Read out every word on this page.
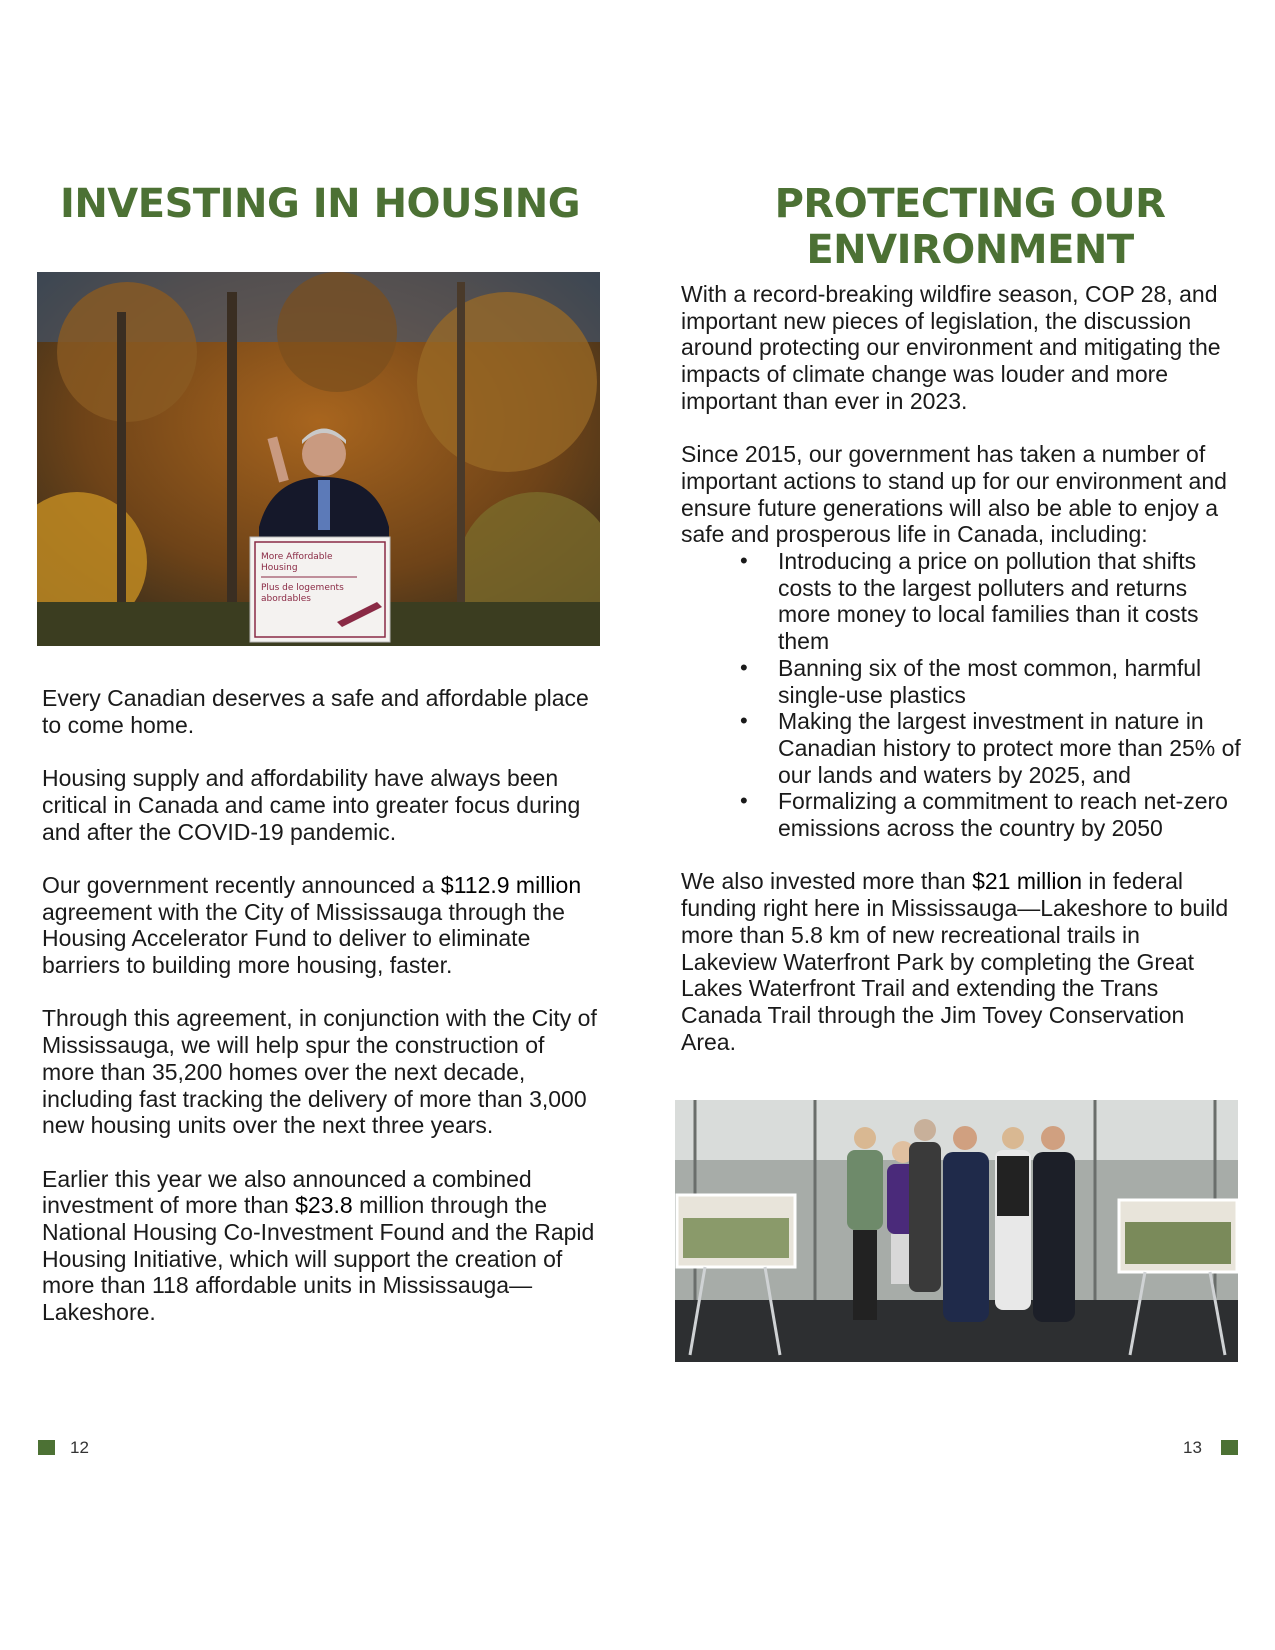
INVESTING IN HOUSING
More Affordable
Housing
Plus de logements
abordables

Every Canadian deserves a safe and affordable place to come home.

Housing supply and affordability have always been critical in Canada and came into greater focus during and after the COVID-19 pandemic.

Our government recently announced a $112.9 million agreement with the City of Mississauga through the Housing Accelerator Fund to deliver to eliminate barriers to building more housing, faster.

Through this agreement, in conjunction with the City of Mississauga, we will help spur the construction of more than 35,200 homes over the next decade, including fast tracking the delivery of more than 3,000 new housing units over the next three years.

Earlier this year we also announced a combined investment of more than $23.8 million through the National Housing Co-Investment Found and the Rapid Housing Initiative, which will support the creation of more than 118 affordable units in Mississauga—Lakeshore.

12
PROTECTING OUR ENVIRONMENT

With a record-breaking wildfire season, COP 28, and important new pieces of legislation, the discussion around protecting our environment and mitigating the impacts of climate change was louder and more important than ever in 2023.

Since 2015, our government has taken a number of important actions to stand up for our environment and ensure future generations will also be able to enjoy a safe and prosperous life in Canada, including:

• Introducing a price on pollution that shifts costs to the largest polluters and returns more money to local families than it costs them
• Banning six of the most common, harmful single-use plastics
• Making the largest investment in nature in Canadian history to protect more than 25% of our lands and waters by 2025, and
• Formalizing a commitment to reach net-zero emissions across the country by 2050

We also invested more than $21 million in federal funding right here in Mississauga—Lakeshore to build more than 5.8 km of new recreational trails in Lakeview Waterfront Park by completing the Great Lakes Waterfront Trail and extending the Trans Canada Trail through the Jim Tovey Conservation Area.

13
